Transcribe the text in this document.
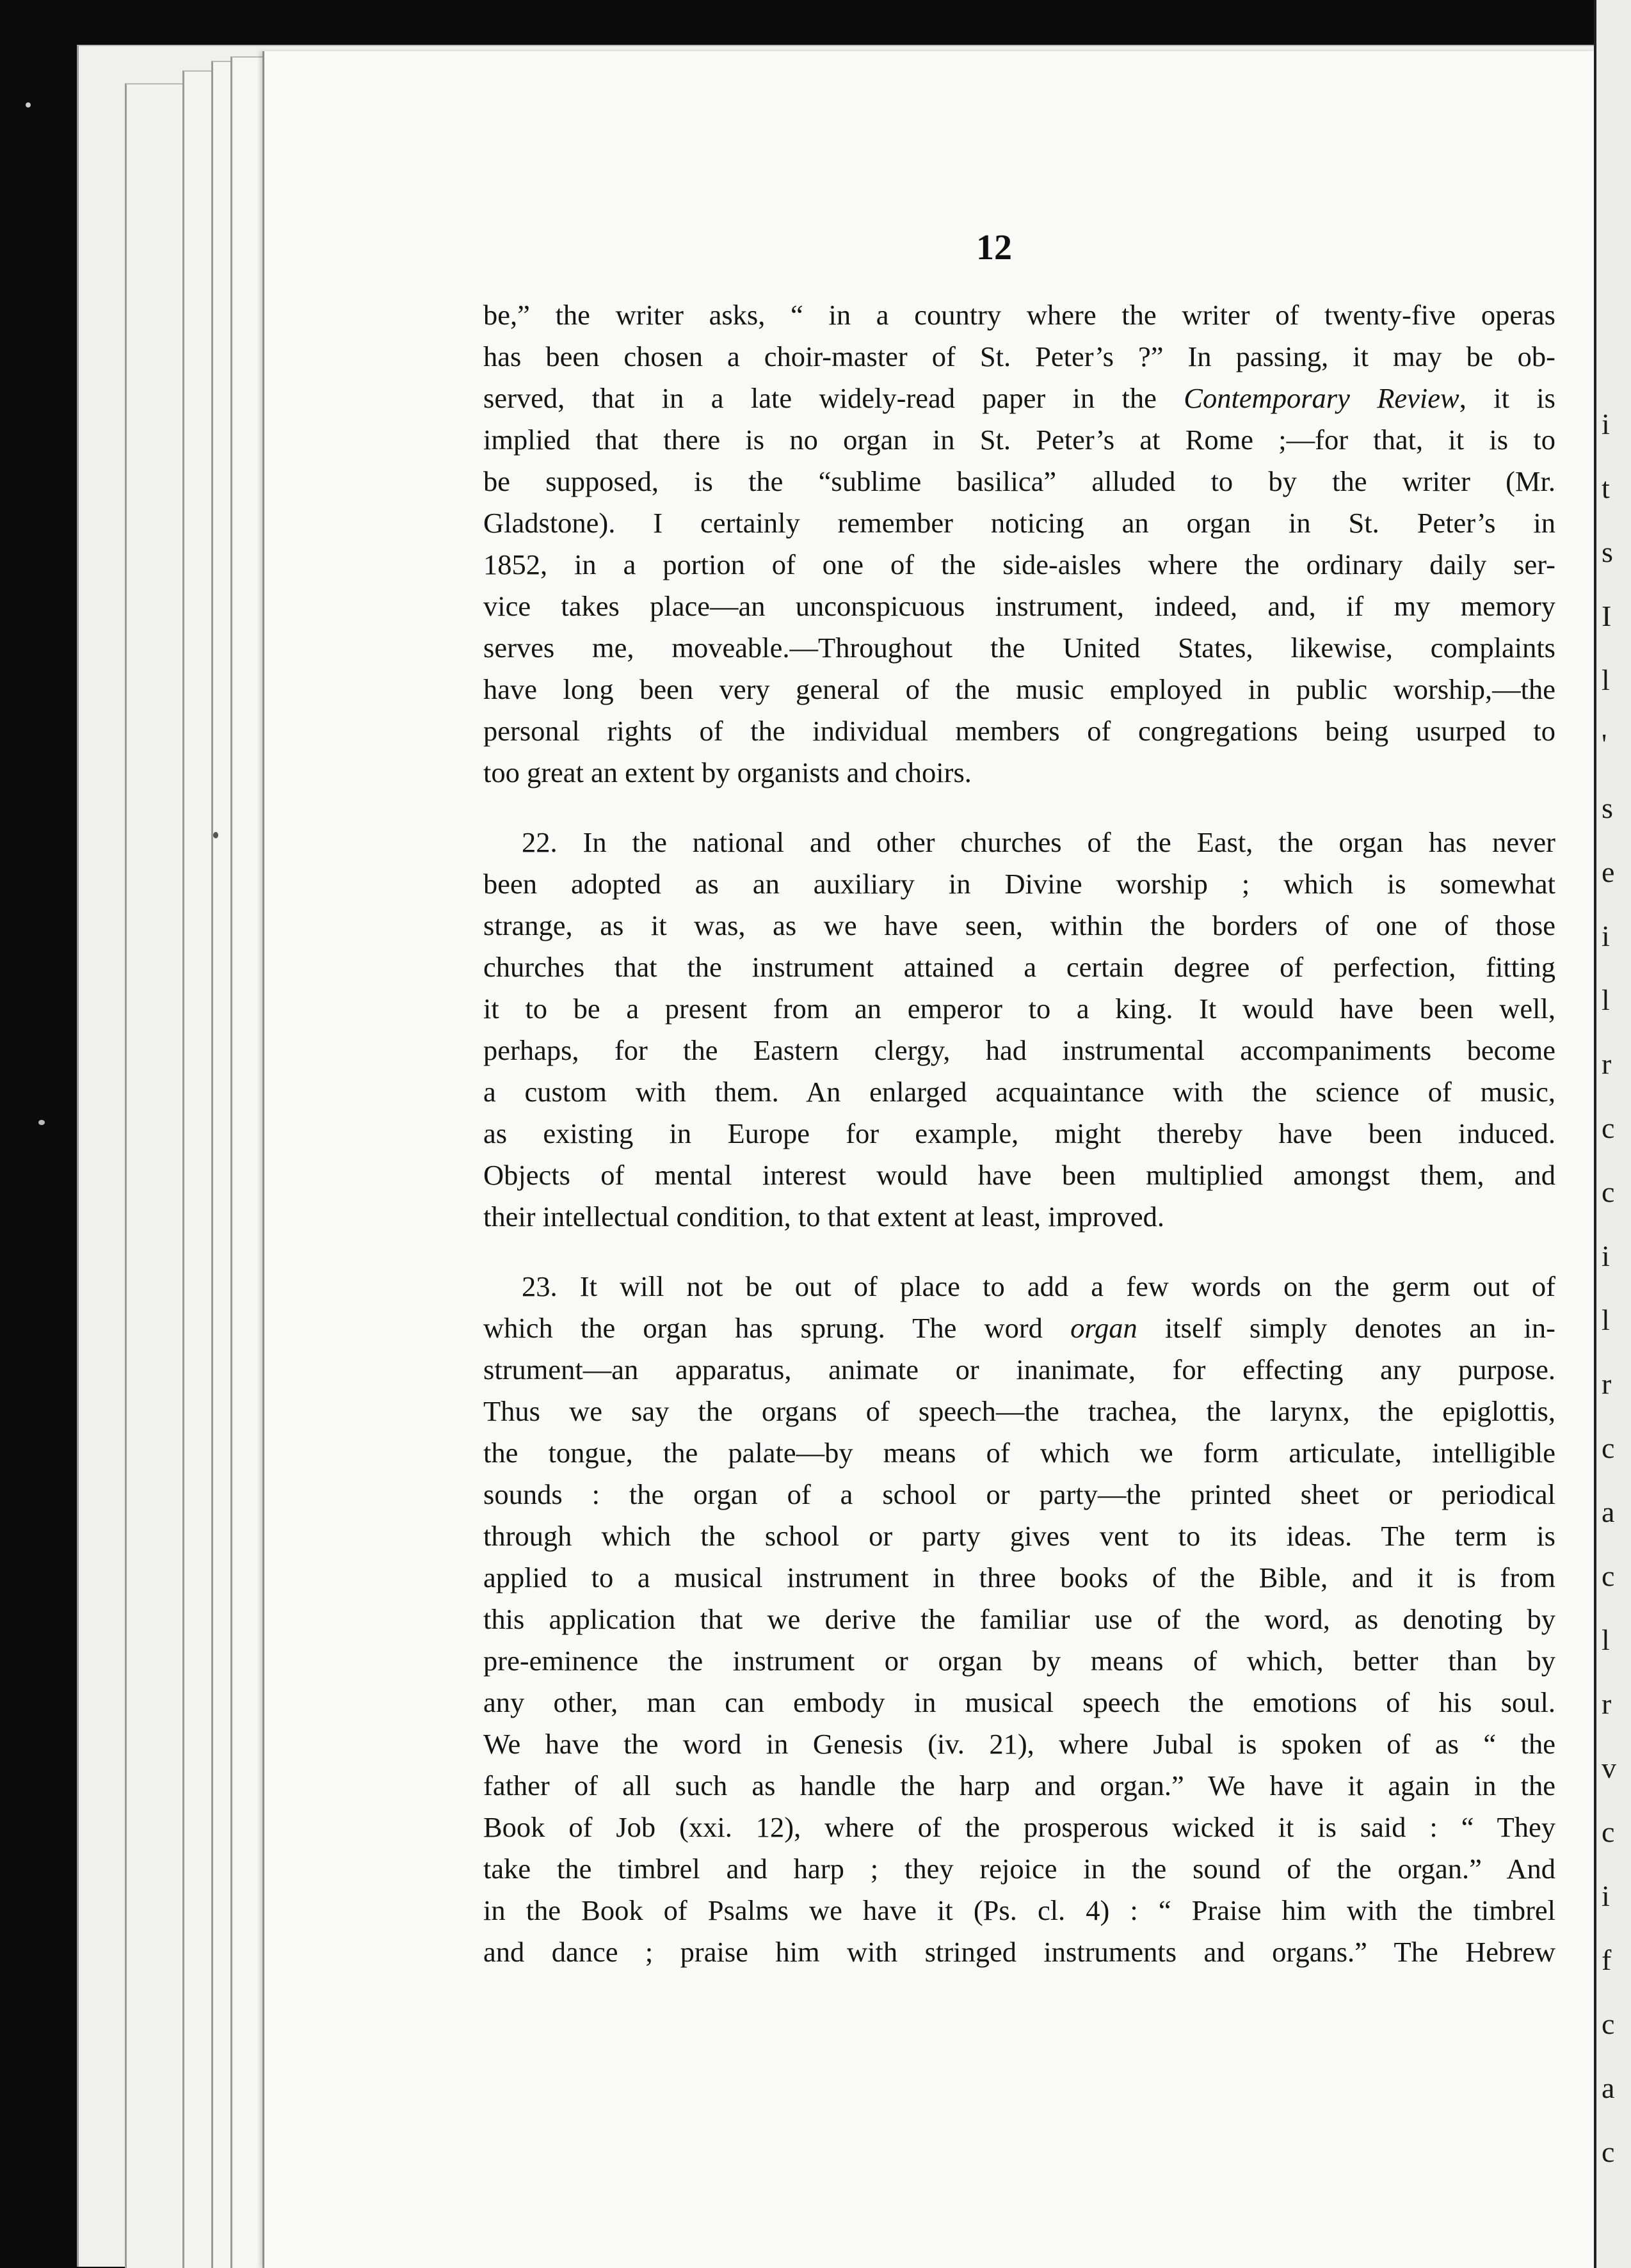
12
be,” the writer asks, “ in a country where the writer of twenty-five operas
has been chosen a choir-master of St. Peter’s ?” In passing, it may be ob-
served, that in a late widely-read paper in the Contemporary Review, it is
implied that there is no organ in St. Peter’s at Rome ;—for that, it is to
be supposed, is the “sublime basilica” alluded to by the writer (Mr.
Gladstone). I certainly remember noticing an organ in St. Peter’s in
1852, in a portion of one of the side-aisles where the ordinary daily ser-
vice takes place—an unconspicuous instrument, indeed, and, if my memory
serves me, moveable.—Throughout the United States, likewise, complaints
have long been very general of the music employed in public worship,—the
personal rights of the individual members of congregations being usurped to
too great an extent by organists and choirs.
22. In the national and other churches of the East, the organ has never
been adopted as an auxiliary in Divine worship ; which is somewhat
strange, as it was, as we have seen, within the borders of one of those
churches that the instrument attained a certain degree of perfection, fitting
it to be a present from an emperor to a king. It would have been well,
perhaps, for the Eastern clergy, had instrumental accompaniments become
a custom with them. An enlarged acquaintance with the science of music,
as existing in Europe for example, might thereby have been induced.
Objects of mental interest would have been multiplied amongst them, and
their intellectual condition, to that extent at least, improved.
23. It will not be out of place to add a few words on the germ out of
which the organ has sprung. The word organ itself simply denotes an in-
strument—an apparatus, animate or inanimate, for effecting any purpose.
Thus we say the organs of speech—the trachea, the larynx, the epiglottis,
the tongue, the palate—by means of which we form articulate, intelligible
sounds : the organ of a school or party—the printed sheet or periodical
through which the school or party gives vent to its ideas. The term is
applied to a musical instrument in three books of the Bible, and it is from
this application that we derive the familiar use of the word, as denoting by
pre-eminence the instrument or organ by means of which, better than by
any other, man can embody in musical speech the emotions of his soul.
We have the word in Genesis (iv. 21), where Jubal is spoken of as “ the
father of all such as handle the harp and organ.” We have it again in the
Book of Job (xxi. 12), where of the prosperous wicked it is said : “ They
take the timbrel and harp ; they rejoice in the sound of the organ.” And
in the Book of Psalms we have it (Ps. cl. 4) : “ Praise him with the timbrel
and dance ; praise him with stringed instruments and organs.” The Hebrew
i
t
s
I
l
'
s
e
i
l
r
c
c
i
l
r
c
a
c
l
r
v
c
i
f
c
a
c
